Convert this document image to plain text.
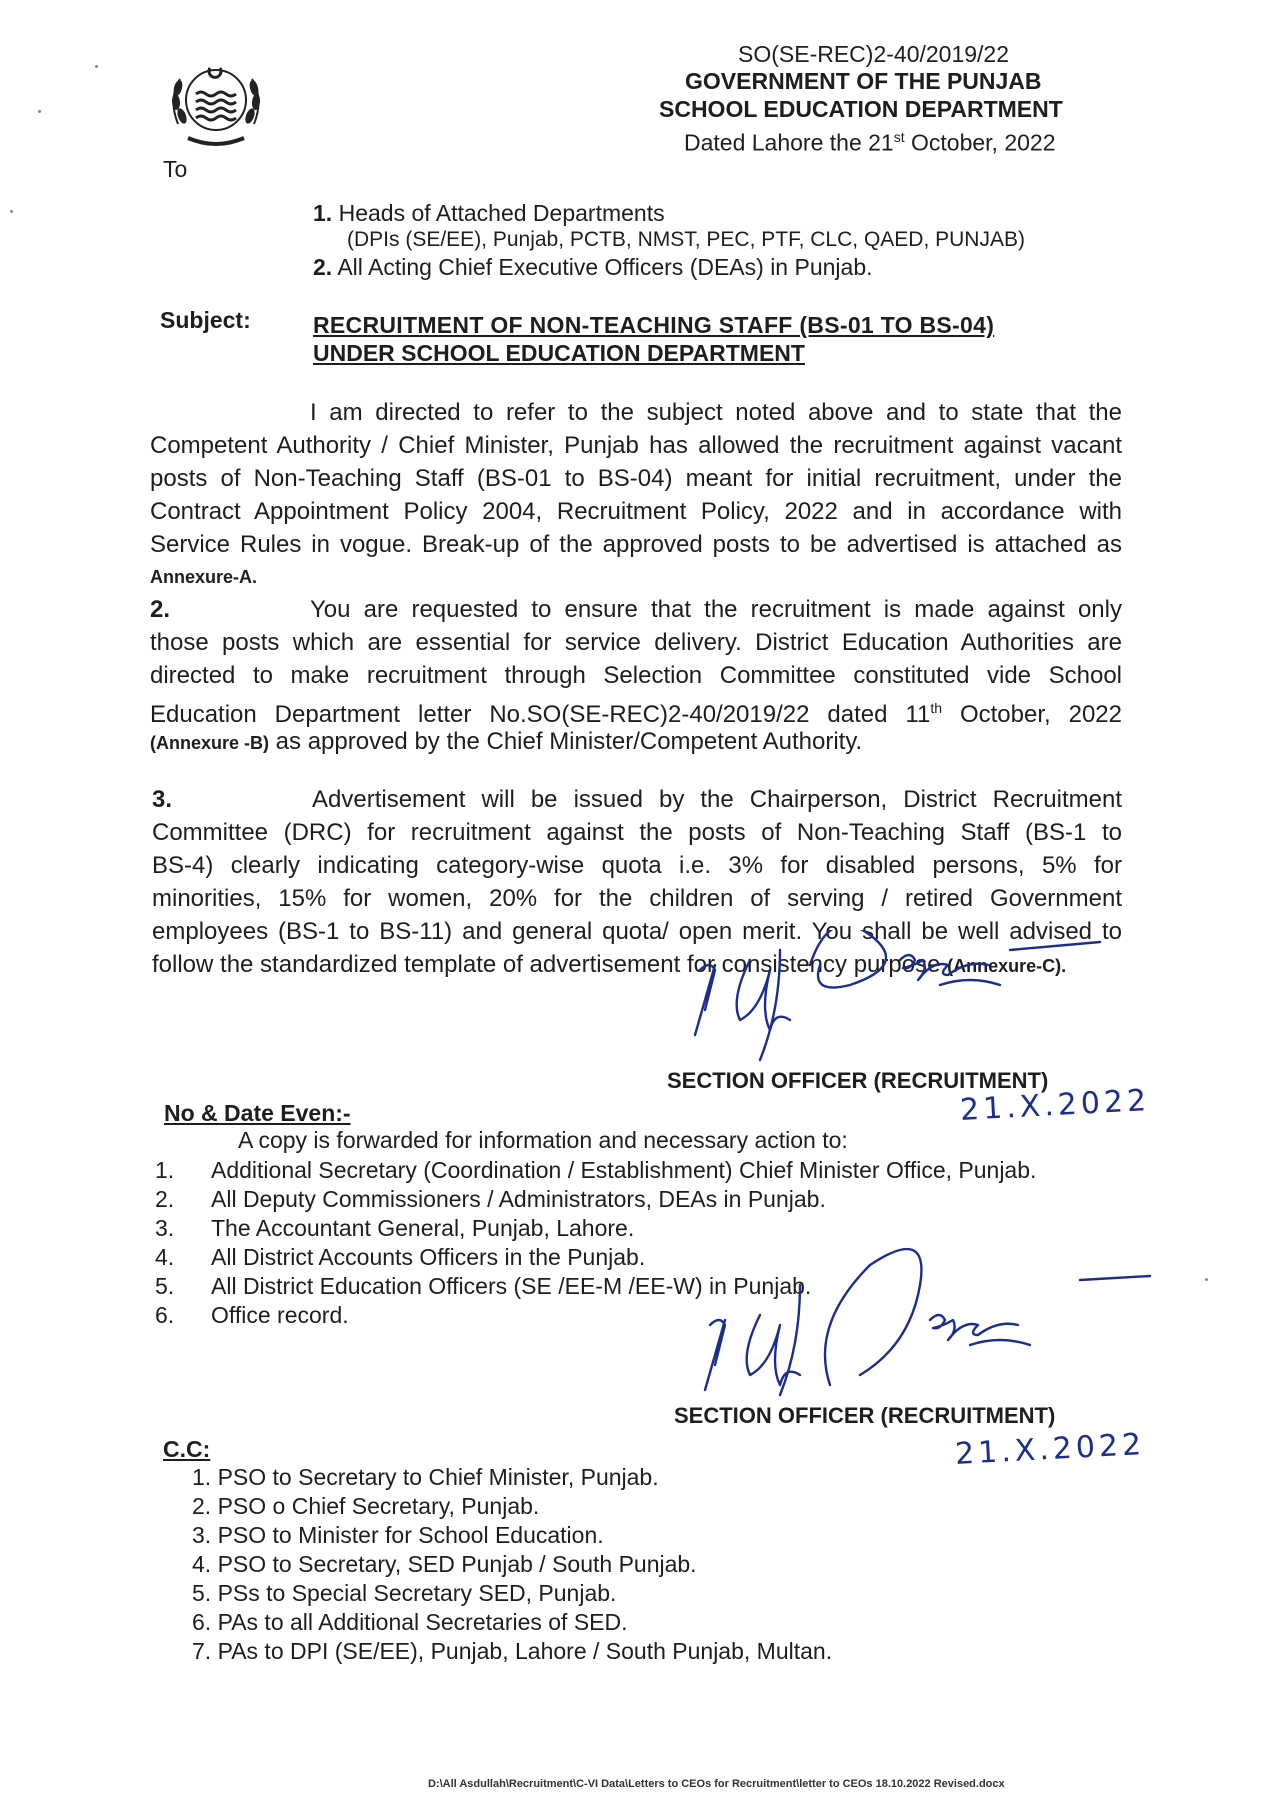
SO(SE-REC)2-40/2019/22
GOVERNMENT OF THE PUNJAB
SCHOOL EDUCATION DEPARTMENT
Dated Lahore the 21st October, 2022
To
1. Heads of Attached Departments
(DPIs (SE/EE), Punjab, PCTB, NMST, PEC, PTF, CLC, QAED, PUNJAB)
2. All Acting Chief Executive Officers (DEAs) in Punjab.
Subject:	RECRUITMENT OF NON-TEACHING STAFF (BS-01 TO BS-04)
UNDER SCHOOL EDUCATION DEPARTMENT
I am directed to refer to the subject noted above and to state that the
Competent Authority / Chief Minister, Punjab has allowed the recruitment against vacant
posts of Non-Teaching Staff (BS-01 to BS-04) meant for initial recruitment, under the
Contract Appointment Policy 2004, Recruitment Policy, 2022 and in accordance with
Service Rules in vogue. Break-up of the approved posts to be advertised is attached as
Annexure-A.
2.	You are requested to ensure that the recruitment is made against only
those posts which are essential for service delivery. District Education Authorities are
directed to make recruitment through Selection Committee constituted vide School
Education Department letter No.SO(SE-REC)2-40/2019/22 dated 11th October, 2022
(Annexure -B) as approved by the Chief Minister/Competent Authority.
3.	Advertisement will be issued by the Chairperson, District Recruitment
Committee (DRC) for recruitment against the posts of Non-Teaching Staff (BS-1 to
BS-4) clearly indicating category-wise quota i.e. 3% for disabled persons, 5% for
minorities, 15% for women, 20% for the children of serving / retired Government
employees (BS-1 to BS-11) and general quota/ open merit. You shall be well advised to
follow the standardized template of advertisement for consistency purpose (Annexure-C).
SECTION OFFICER (RECRUITMENT)
21.X.2022
No & Date Even:-
A copy is forwarded for information and necessary action to:
1. Additional Secretary (Coordination / Establishment) Chief Minister Office, Punjab.
2. All Deputy Commissioners / Administrators, DEAs in Punjab.
3. The Accountant General, Punjab, Lahore.
4. All District Accounts Officers in the Punjab.
5. All District Education Officers (SE /EE-M /EE-W) in Punjab.
6. Office record.
SECTION OFFICER (RECRUITMENT)
21.X.2022
C.C:
1. PSO to Secretary to Chief Minister, Punjab.
2. PSO o Chief Secretary, Punjab.
3. PSO to Minister for School Education.
4. PSO to Secretary, SED Punjab / South Punjab.
5. PSs to Special Secretary SED, Punjab.
6. PAs to all Additional Secretaries of SED.
7. PAs to DPI (SE/EE), Punjab, Lahore / South Punjab, Multan.
D:\All Asdullah\Recruitment\C-VI Data\Letters to CEOs for Recruitment\letter to CEOs 18.10.2022 Revised.docx
